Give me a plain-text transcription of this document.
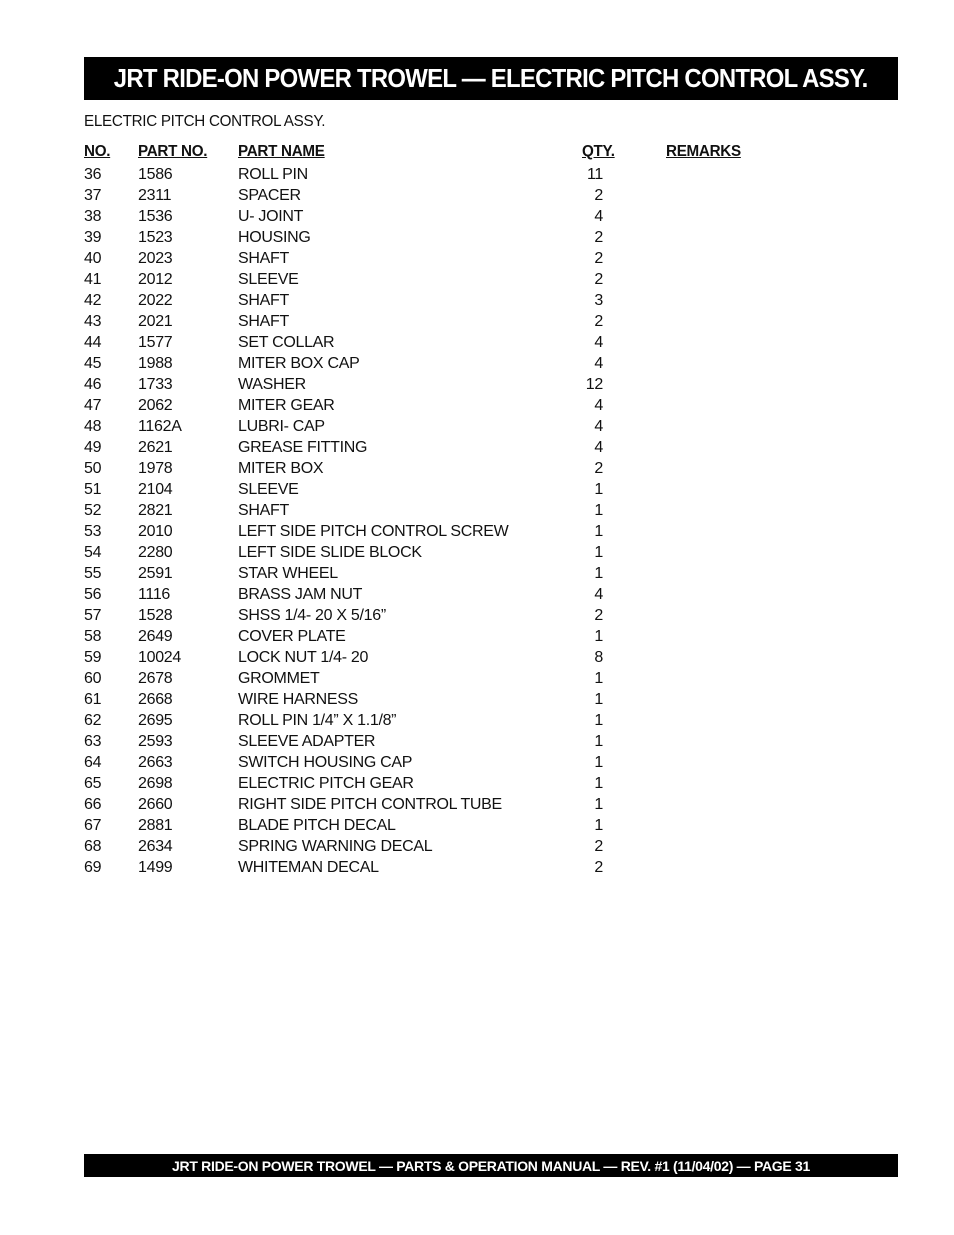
JRT RIDE-ON POWER TROWEL — ELECTRIC PITCH CONTROL ASSY.
ELECTRIC PITCH CONTROL ASSY.
NO. PART NO. PART NAME	QTY.	REMARKS
36 1586	ROLL PIN	11
37 2311	SPACER	2
38 1536	U- JOINT	4
39 1523	HOUSING	2
40 2023	SHAFT	2
41 2012	SLEEVE	2
42 2022	SHAFT	3
43 2021	SHAFT	2
44 1577	SET COLLAR	4
45 1988	MITER BOX CAP	4
46 1733	WASHER	12
47 2062	MITER GEAR	4
48 1162A	LUBRI- CAP	4
49 2621	GREASE FITTING	4
50 1978	MITER BOX	2
51 2104	SLEEVE	1
52 2821	SHAFT	1
53 2010	LEFT SIDE PITCH CONTROL SCREW	1
54 2280	LEFT SIDE SLIDE BLOCK	1
55 2591	STAR WHEEL	1
56 1116	BRASS JAM NUT	4
57 1528	SHSS 1/4- 20 X 5/16”	2
58 2649	COVER PLATE	1
59 10024	LOCK NUT 1/4- 20	8
60 2678	GROMMET	1
61 2668	WIRE HARNESS	1
62 2695	ROLL PIN 1/4” X 1.1/8”	1
63 2593	SLEEVE ADAPTER	1
64 2663	SWITCH HOUSING CAP	1
65 2698	ELECTRIC PITCH GEAR	1
66 2660	RIGHT SIDE PITCH CONTROL TUBE	1
67 2881	BLADE PITCH DECAL	1
68 2634	SPRING WARNING DECAL	2
69 1499	WHITEMAN DECAL	2
JRT RIDE-ON POWER TROWEL — PARTS & OPERATION MANUAL — REV. #1 (11/04/02) — PAGE 31
